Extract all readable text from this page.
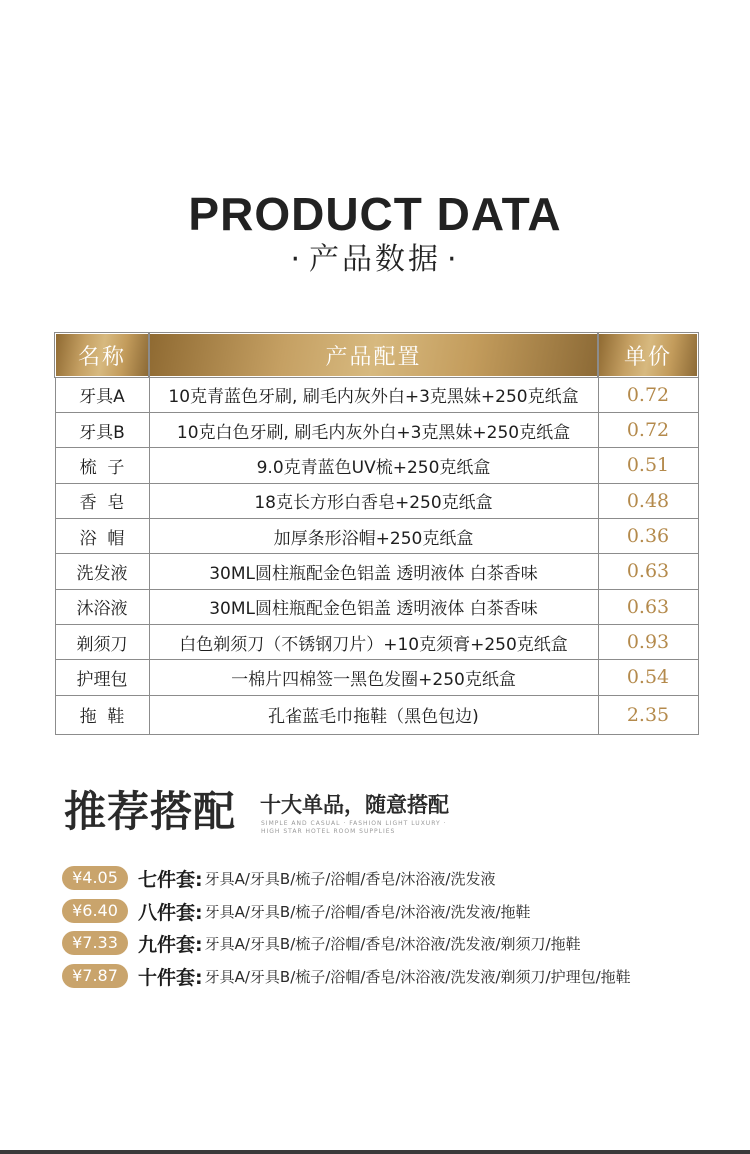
PRODUCT DATA
· 产品数据 ·
名称	产品配置	单价
牙具A	10克青蓝色牙刷, 刷毛内灰外白+3克黑妹+250克纸盒	0.72
牙具B	10克白色牙刷, 刷毛内灰外白+3克黑妹+250克纸盒	0.72
梳  子	9.0克青蓝色UV梳+250克纸盒	0.51
香  皂	18克长方形白香皂+250克纸盒	0.48
浴  帽	加厚条形浴帽+250克纸盒	0.36
洗发液	30ML圆柱瓶配金色铝盖 透明液体 白茶香味	0.63
沐浴液	30ML圆柱瓶配金色铝盖 透明液体 白茶香味	0.63
剃须刀	白色剃须刀（不锈钢刀片）+10克须膏+250克纸盒	0.93
护理包	一棉片四棉签一黑色发圈+250克纸盒	0.54
拖  鞋	孔雀蓝毛巾拖鞋（黑色包边)	2.35
推荐搭配 十大单品，随意搭配
SIMPLE AND CASUAL · FASHION LIGHT LUXURY ·
HIGH STAR HOTEL ROOM SUPPLIES
¥4.05	七件套: 牙具A/牙具B/梳子/浴帽/香皂/沐浴液/洗发液
¥6.40	八件套: 牙具A/牙具B/梳子/浴帽/香皂/沐浴液/洗发液/拖鞋
¥7.33	九件套: 牙具A/牙具B/梳子/浴帽/香皂/沐浴液/洗发液/剃须刀/拖鞋
¥7.87	十件套: 牙具A/牙具B/梳子/浴帽/香皂/沐浴液/洗发液/剃须刀/护理包/拖鞋
